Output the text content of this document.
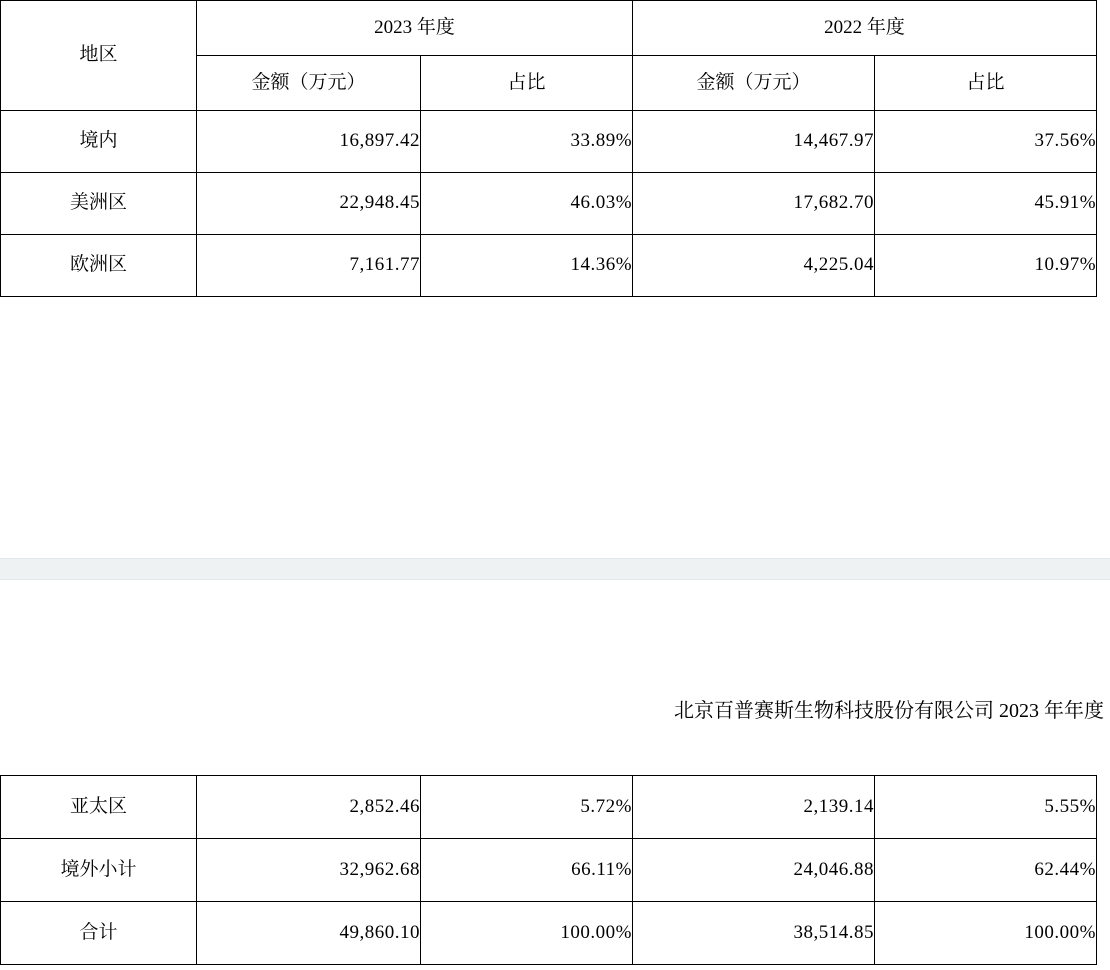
地区	2023 年度		2022 年度	
	金额（万元）	占比	金额（万元）	占比
境内	16,897.42	33.89%	14,467.97	37.56%
美洲区	22,948.45	46.03%	17,682.70	45.91%
欧洲区	7,161.77	14.36%	4,225.04	10.97%
北京百普赛斯生物科技股份有限公司 2023 年年度
亚太区	2,852.46	5.72%	2,139.14	5.55%
境外小计	32,962.68	66.11%	24,046.88	62.44%
合计	49,860.10	100.00%	38,514.85	100.00%
